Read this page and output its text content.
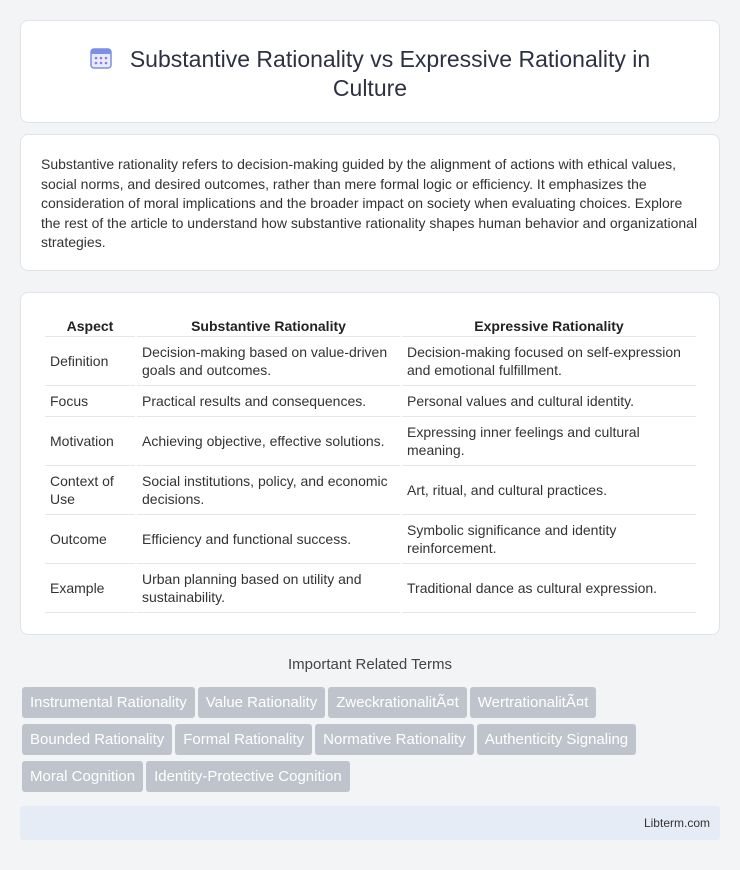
Substantive Rationality vs Expressive Rationality in Culture

Substantive rationality refers to decision-making guided by the alignment of actions with ethical values, social norms, and desired outcomes, rather than mere formal logic or efficiency. It emphasizes the consideration of moral implications and the broader impact on society when evaluating choices. Explore the rest of the article to understand how substantive rationality shapes human behavior and organizational strategies.

Aspect	Substantive Rationality	Expressive Rationality
Definition	Decision-making based on value-driven goals and outcomes.	Decision-making focused on self-expression and emotional fulfillment.
Focus	Practical results and consequences.	Personal values and cultural identity.
Motivation	Achieving objective, effective solutions.	Expressing inner feelings and cultural meaning.
Context of Use	Social institutions, policy, and economic decisions.	Art, ritual, and cultural practices.
Outcome	Efficiency and functional success.	Symbolic significance and identity reinforcement.
Example	Urban planning based on utility and sustainability.	Traditional dance as cultural expression.
Important Related Terms
Instrumental Rationality Value Rationality ZweckrationalitÃ¤t WertrationalitÃ¤tBounded Rationality Formal Rationality Normative Rationality Authenticity SignalingMoral Cognition Identity-Protective Cognition
Libterm.com
